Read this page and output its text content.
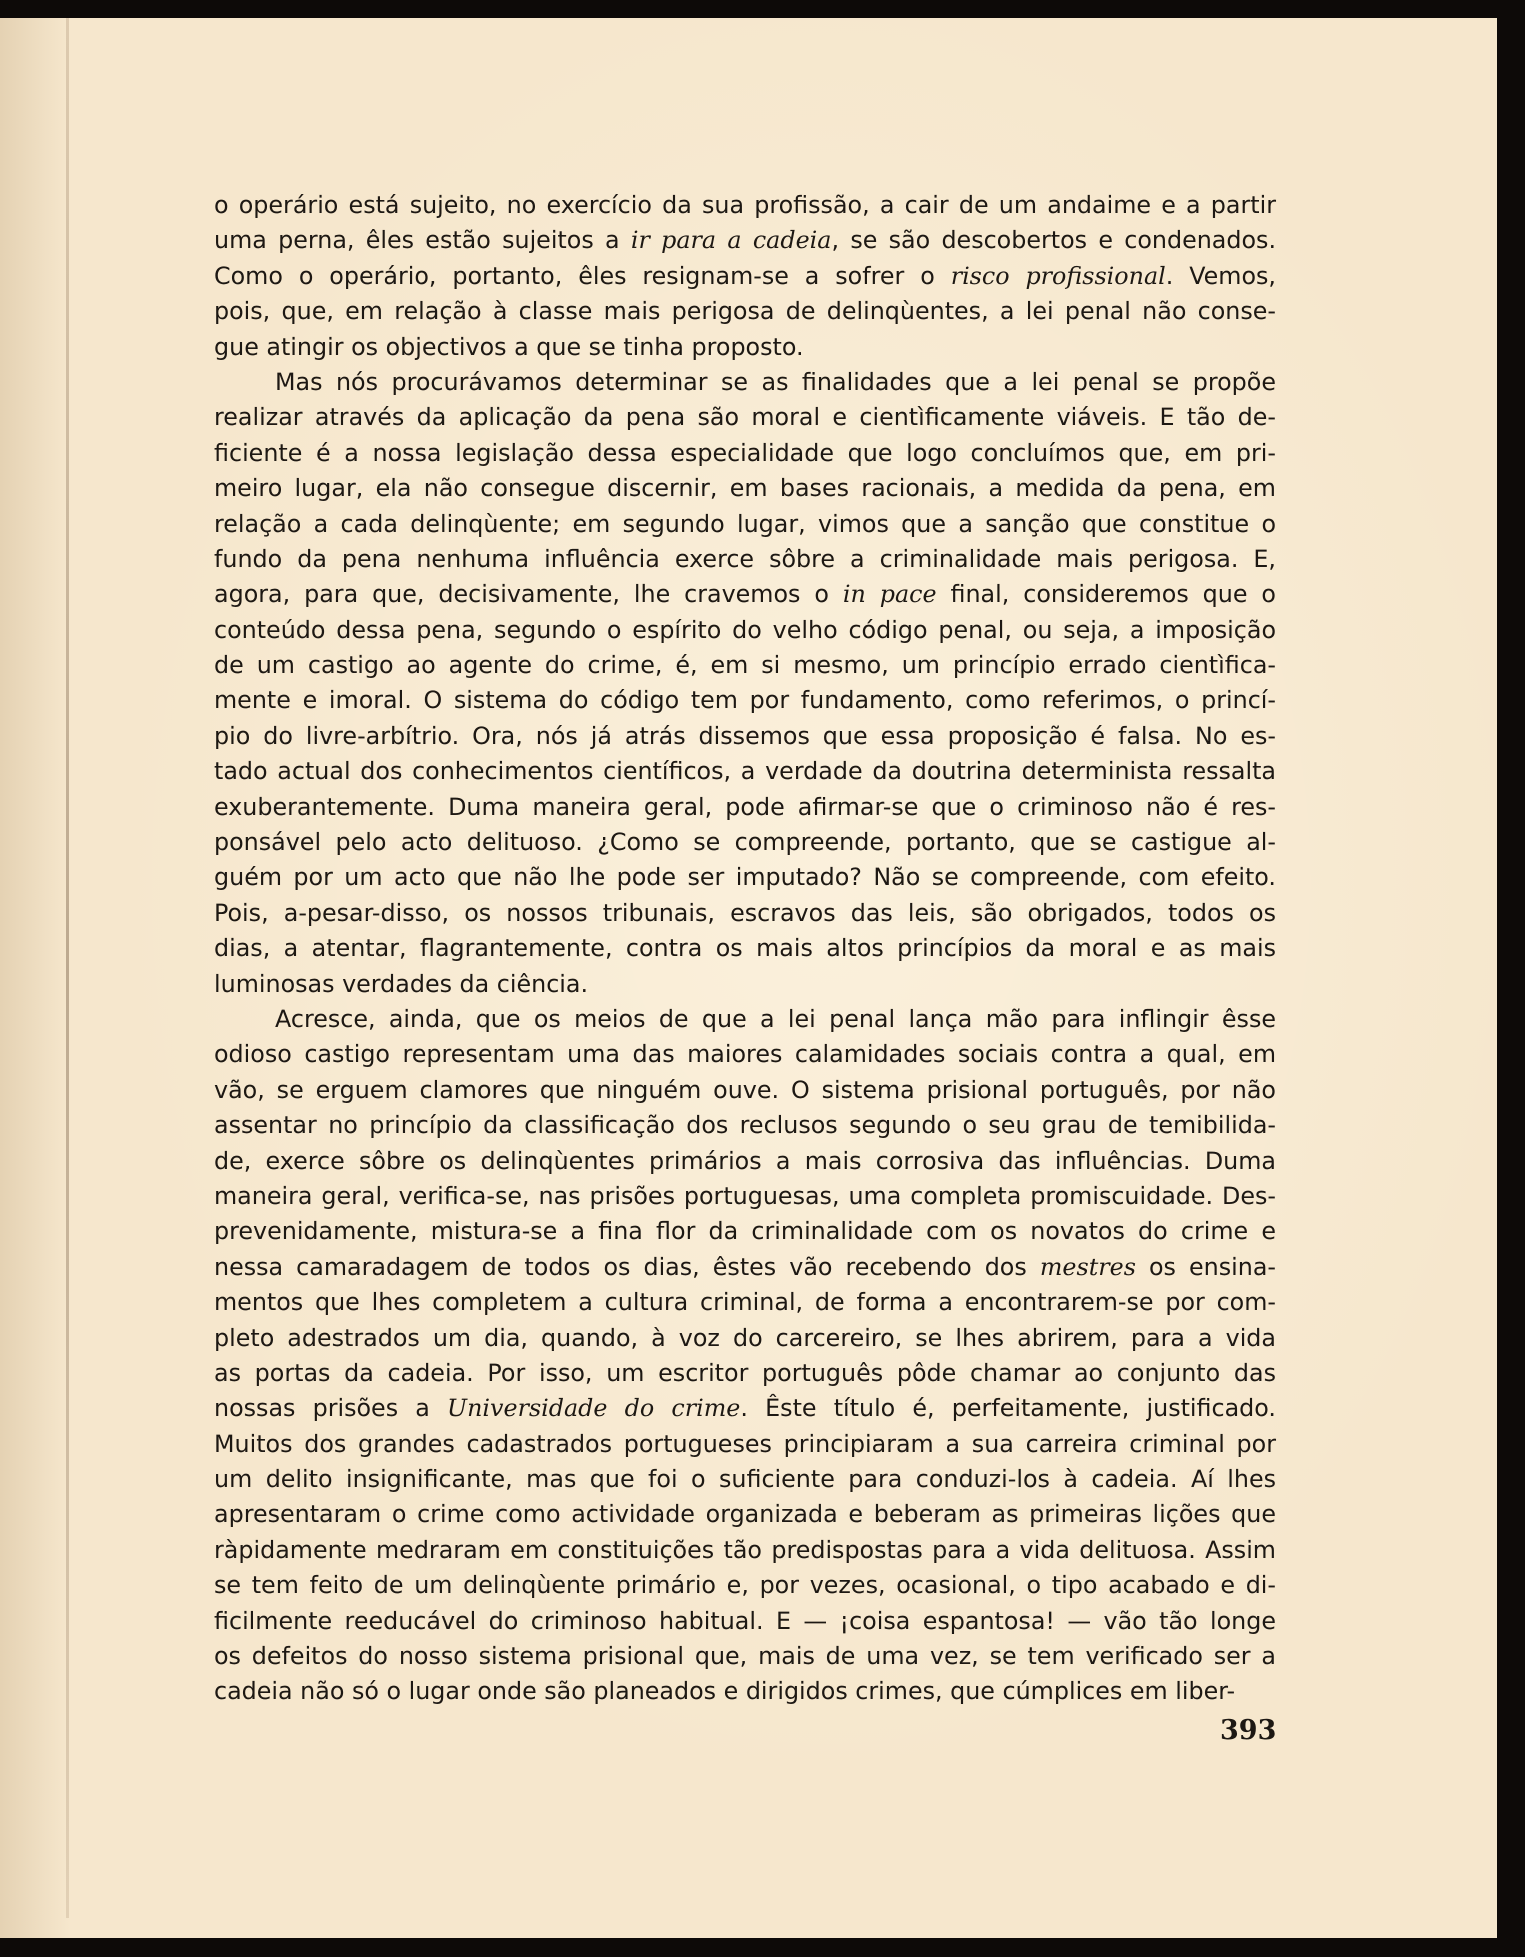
o operário está sujeito, no exercício da sua profissão, a cair de um andaime e a partir
uma perna, êles estão sujeitos a ir para a cadeia, se são descobertos e condenados.
Como o operário, portanto, êles resignam-se a sofrer o risco profissional. Vemos,
pois, que, em relação à classe mais perigosa de delinqùentes, a lei penal não conse-
gue atingir os objectivos a que se tinha proposto.
Mas nós procurávamos determinar se as finalidades que a lei penal se propõe
realizar através da aplicação da pena são moral e cientìficamente viáveis. E tão de-
ficiente é a nossa legislação dessa especialidade que logo concluímos que, em pri-
meiro lugar, ela não consegue discernir, em bases racionais, a medida da pena, em
relação a cada delinqùente; em segundo lugar, vimos que a sanção que constitue o
fundo da pena nenhuma influência exerce sôbre a criminalidade mais perigosa. E,
agora, para que, decisivamente, lhe cravemos o in pace final, consideremos que o
conteúdo dessa pena, segundo o espírito do velho código penal, ou seja, a imposição
de um castigo ao agente do crime, é, em si mesmo, um princípio errado cientìfica-
mente e imoral. O sistema do código tem por fundamento, como referimos, o princí-
pio do livre-arbítrio. Ora, nós já atrás dissemos que essa proposição é falsa. No es-
tado actual dos conhecimentos científicos, a verdade da doutrina determinista ressalta
exuberantemente. Duma maneira geral, pode afirmar-se que o criminoso não é res-
ponsável pelo acto delituoso. ¿Como se compreende, portanto, que se castigue al-
guém por um acto que não lhe pode ser imputado? Não se compreende, com efeito.
Pois, a-pesar-disso, os nossos tribunais, escravos das leis, são obrigados, todos os
dias, a atentar, flagrantemente, contra os mais altos princípios da moral e as mais
luminosas verdades da ciência.
Acresce, ainda, que os meios de que a lei penal lança mão para inflingir êsse
odioso castigo representam uma das maiores calamidades sociais contra a qual, em
vão, se erguem clamores que ninguém ouve. O sistema prisional português, por não
assentar no princípio da classificação dos reclusos segundo o seu grau de temibilida-
de, exerce sôbre os delinqùentes primários a mais corrosiva das influências. Duma
maneira geral, verifica-se, nas prisões portuguesas, uma completa promiscuidade. Des-
prevenidamente, mistura-se a fina flor da criminalidade com os novatos do crime e
nessa camaradagem de todos os dias, êstes vão recebendo dos mestres os ensina-
mentos que lhes completem a cultura criminal, de forma a encontrarem-se por com-
pleto adestrados um dia, quando, à voz do carcereiro, se lhes abrirem, para a vida
as portas da cadeia. Por isso, um escritor português pôde chamar ao conjunto das
nossas prisões a Universidade do crime. Êste título é, perfeitamente, justificado.
Muitos dos grandes cadastrados portugueses principiaram a sua carreira criminal por
um delito insignificante, mas que foi o suficiente para conduzi-los à cadeia. Aí lhes
apresentaram o crime como actividade organizada e beberam as primeiras lições que
ràpidamente medraram em constituições tão predispostas para a vida delituosa. Assim
se tem feito de um delinqùente primário e, por vezes, ocasional, o tipo acabado e di-
ficilmente reeducável do criminoso habitual. E — ¡coisa espantosa! — vão tão longe
os defeitos do nosso sistema prisional que, mais de uma vez, se tem verificado ser a
cadeia não só o lugar onde são planeados e dirigidos crimes, que cúmplices em liber-
393
